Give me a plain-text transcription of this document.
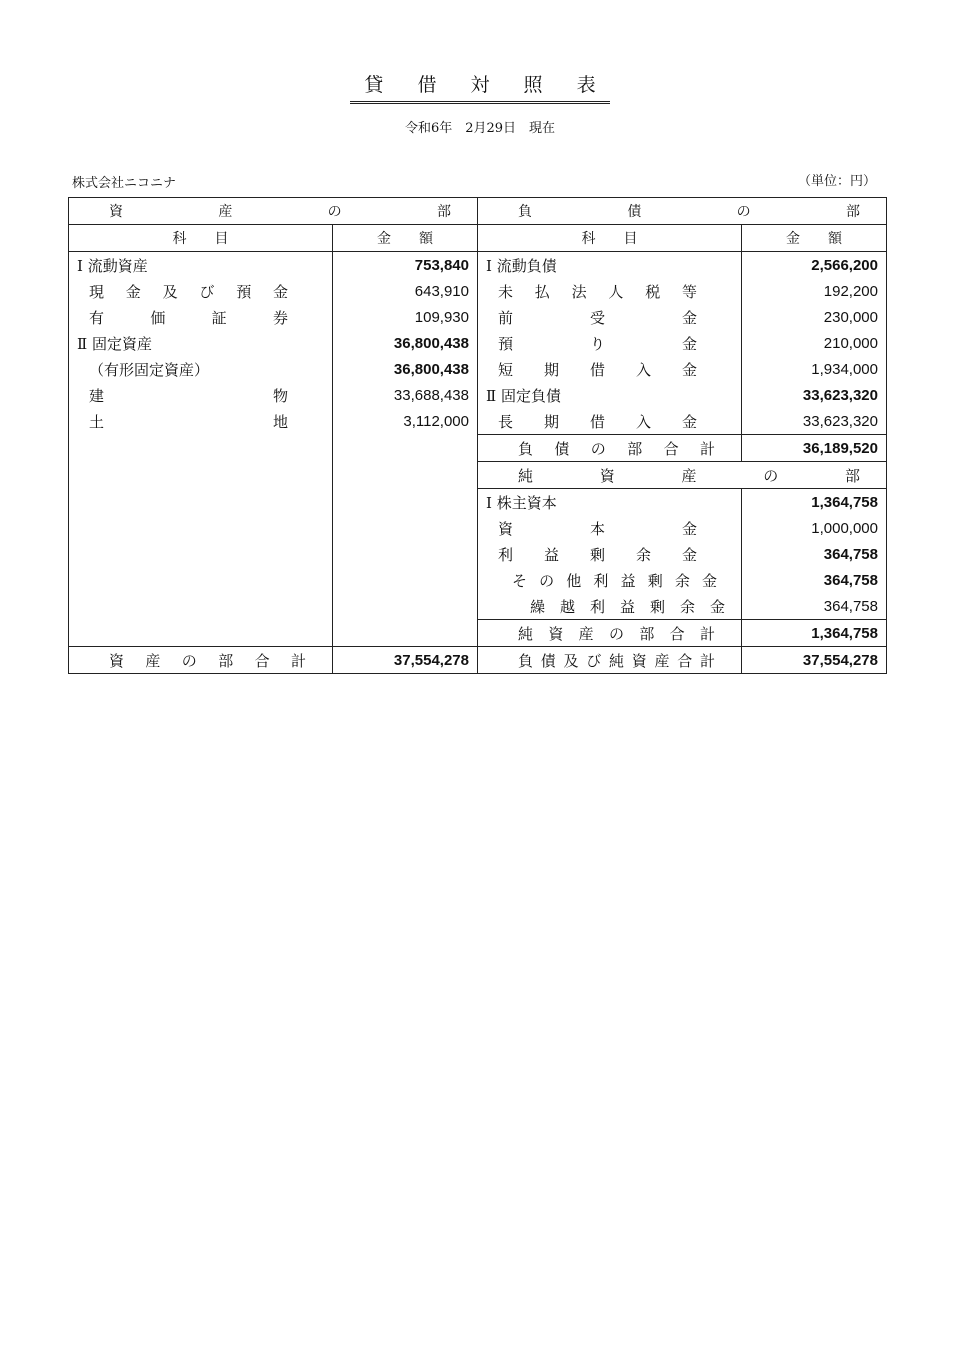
貸 借 対 照 表
令和6年　2月29日　現在
株式会社ニコニナ	（単位：円）
資 産 の 部		負 債 の 部	
科　　目	金　　額	科　　目	金　　額
Ⅰ 流動資産	753,840	Ⅰ 流動負債	2,566,200
現 金 及 び 預 金	643,910	未 払 法 人 税 等	192,200
有 価 証 券	109,930	前 受 金	230,000
Ⅱ 固定資産	36,800,438	預 り 金	210,000
（有形固定資産）	36,800,438	短 期 借 入 金	1,934,000
建 物	33,688,438	Ⅱ 固定負債	33,623,320
土 地	3,112,000	長 期 借 入 金	33,623,320
		負 債 の 部 合 計	36,189,520
		純 資 産 の 部	
		Ⅰ 株主資本	1,364,758
		資 本 金	1,000,000
		利 益 剰 余 金	364,758
		そ の 他 利 益 剰 余 金	364,758
		繰 越 利 益 剰 余 金	364,758
		純 資 産 の 部 合 計	1,364,758
資 産 の 部 合 計	37,554,278	負債及び純資産合計	37,554,278
